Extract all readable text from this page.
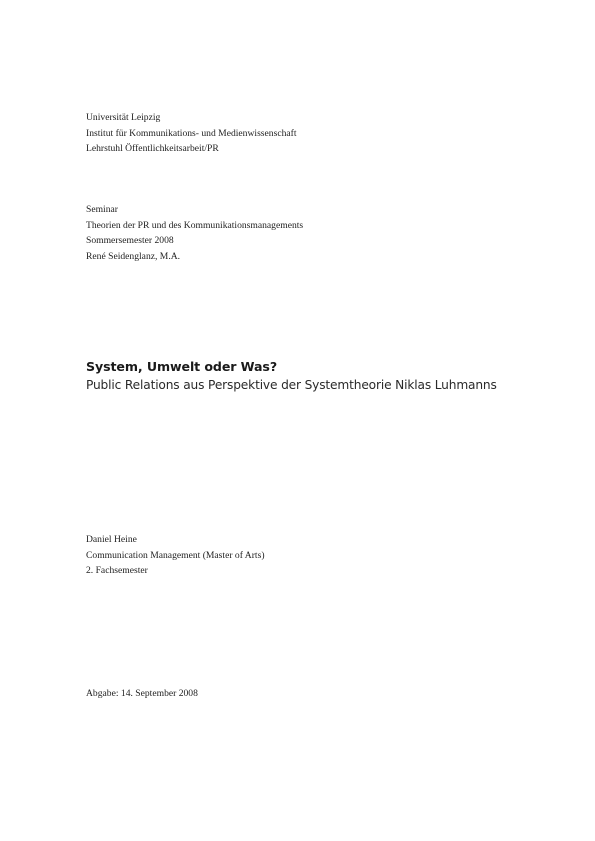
Universität Leipzig
Institut für Kommunikations- und Medienwissenschaft
Lehrstuhl Öffentlichkeitsarbeit/PR
Seminar
Theorien der PR und des Kommunikationsmanagements
Sommersemester 2008
René Seidenglanz, M.A.
System, Umwelt oder Was?
Public Relations aus Perspektive der Systemtheorie Niklas Luhmanns
Daniel Heine
Communication Management (Master of Arts)
2. Fachsemester
Abgabe: 14. September 2008
